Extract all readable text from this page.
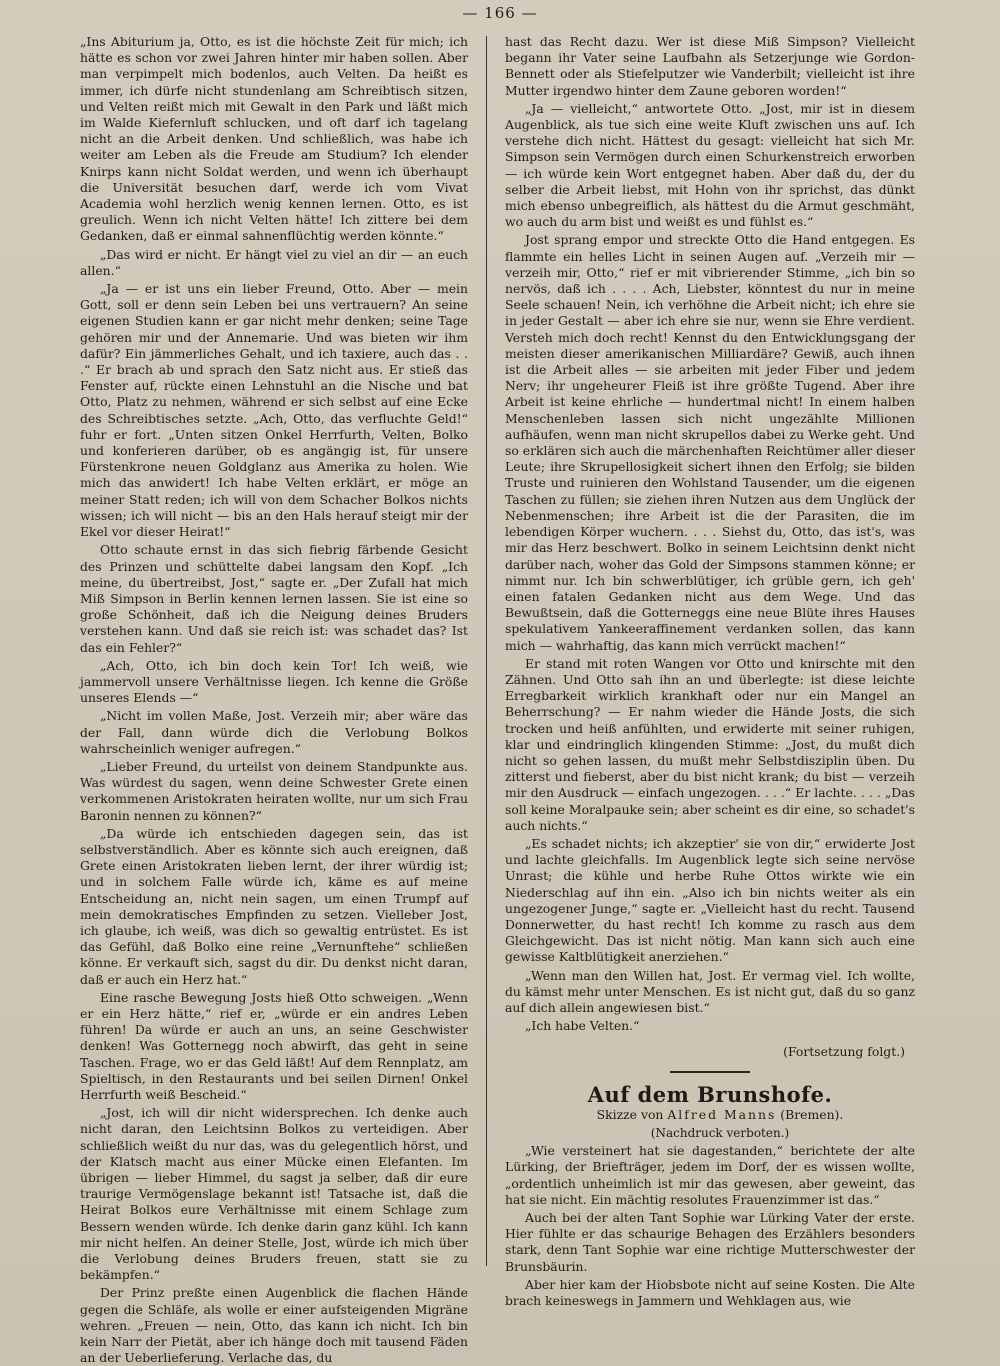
— 166 —

„Ins Abiturium ja, Otto, es ist die höchste Zeit für mich; ich hätte es schon vor zwei Jahren hinter mir haben sollen. Aber man verpimpelt mich bodenlos, auch Velten. Da heißt es immer, ich dürfe nicht stundenlang am Schreibtisch sitzen, und Velten reißt mich mit Gewalt in den Park und läßt mich im Walde Kiefernluft schlucken, und oft darf ich tagelang nicht an die Arbeit denken. Und schließlich, was habe ich weiter am Leben als die Freude am Studium? Ich elender Knirps kann nicht Soldat werden, und wenn ich überhaupt die Universität besuchen darf, werde ich vom Vivat Academia wohl herzlich wenig kennen lernen. Otto, es ist greulich. Wenn ich nicht Velten hätte! Ich zittere bei dem Gedanken, daß er einmal sahnenflüchtig werden könnte.“

„Das wird er nicht. Er hängt viel zu viel an dir — an euch allen.“

„Ja — er ist uns ein lieber Freund, Otto. Aber — mein Gott, soll er denn sein Leben bei uns vertrauern? An seine eigenen Studien kann er gar nicht mehr denken; seine Tage gehören mir und der Annemarie. Und was bieten wir ihm dafür? Ein jämmerliches Gehalt, und ich taxiere, auch das . . .“ Er brach ab und sprach den Satz nicht aus. Er stieß das Fenster auf, rückte einen Lehnstuhl an die Nische und bat Otto, Platz zu nehmen, während er sich selbst auf eine Ecke des Schreibtisches setzte. „Ach, Otto, das verfluchte Geld!“ fuhr er fort. „Unten sitzen Onkel Herrfurth, Velten, Bolko und konferieren darüber, ob es angängig ist, für unsere Fürstenkrone neuen Goldglanz aus Amerika zu holen. Wie mich das anwidert! Ich habe Velten erklärt, er möge an meiner Statt reden; ich will von dem Schacher Bolkos nichts wissen; ich will nicht — bis an den Hals herauf steigt mir der Ekel vor dieser Heirat!“

Otto schaute ernst in das sich fiebrig färbende Gesicht des Prinzen und schüttelte dabei langsam den Kopf. „Ich meine, du übertreibst, Jost,“ sagte er. „Der Zufall hat mich Miß Simpson in Berlin kennen lernen lassen. Sie ist eine so große Schönheit, daß ich die Neigung deines Bruders verstehen kann. Und daß sie reich ist: was schadet das? Ist das ein Fehler?“

„Ach, Otto, ich bin doch kein Tor! Ich weiß, wie jammervoll unsere Verhältnisse liegen. Ich kenne die Größe unseres Elends —“

„Nicht im vollen Maße, Jost. Verzeih mir; aber wäre das der Fall, dann würde dich die Verlobung Bolkos wahrscheinlich weniger aufregen.“

„Lieber Freund, du urteilst von deinem Standpunkte aus. Was würdest du sagen, wenn deine Schwester Grete einen verkommenen Aristokraten heiraten wollte, nur um sich Frau Baronin nennen zu können?“

„Da würde ich entschieden dagegen sein, das ist selbstverständlich. Aber es könnte sich auch ereignen, daß Grete einen Aristokraten lieben lernt, der ihrer würdig ist; und in solchem Falle würde ich, käme es auf meine Entscheidung an, nicht nein sagen, um einen Trumpf auf mein demokratisches Empfinden zu setzen. Vielleber Jost, ich glaube, ich weiß, was dich so gewaltig entrüstet. Es ist das Gefühl, daß Bolko eine reine „Vernunftehe“ schließen könne. Er verkauft sich, sagst du dir. Du denkst nicht daran, daß er auch ein Herz hat.“

Eine rasche Bewegung Josts hieß Otto schweigen. „Wenn er ein Herz hätte,“ rief er, „würde er ein andres Leben führen! Da würde er auch an uns, an seine Geschwister denken! Was Gotternegg noch abwirft, das geht in seine Taschen. Frage, wo er das Geld läßt! Auf dem Rennplatz, am Spieltisch, in den Restaurants und bei seilen Dirnen! Onkel Herrfurth weiß Bescheid.“

„Jost, ich will dir nicht widersprechen. Ich denke auch nicht daran, den Leichtsinn Bolkos zu verteidigen. Aber schließlich weißt du nur das, was du gelegentlich hörst, und der Klatsch macht aus einer Mücke einen Elefanten. Im übrigen — lieber Himmel, du sagst ja selber, daß dir eure traurige Vermögenslage bekannt ist! Tatsache ist, daß die Heirat Bolkos eure Verhältnisse mit einem Schlage zum Bessern wenden würde. Ich denke darin ganz kühl. Ich kann mir nicht helfen. An deiner Stelle, Jost, würde ich mich über die Verlobung deines Bruders freuen, statt sie zu bekämpfen.“

Der Prinz preßte einen Augenblick die flachen Hände gegen die Schläfe, als wolle er einer aufsteigenden Migräne wehren. „Freuen — nein, Otto, das kann ich nicht. Ich bin kein Narr der Pietät, aber ich hänge doch mit tausend Fäden an der Ueberlieferung. Verlache das, du

hast das Recht dazu. Wer ist diese Miß Simpson? Vielleicht begann ihr Vater seine Laufbahn als Setzerjunge wie Gordon-Bennett oder als Stiefelputzer wie Vanderbilt; vielleicht ist ihre Mutter irgendwo hinter dem Zaune geboren worden!“

„Ja — vielleicht,“ antwortete Otto. „Jost, mir ist in diesem Augenblick, als tue sich eine weite Kluft zwischen uns auf. Ich verstehe dich nicht. Hättest du gesagt: vielleicht hat sich Mr. Simpson sein Vermögen durch einen Schurkenstreich erworben — ich würde kein Wort entgegnet haben. Aber daß du, der du selber die Arbeit liebst, mit Hohn von ihr sprichst, das dünkt mich ebenso unbegreiflich, als hättest du die Armut geschmäht, wo auch du arm bist und weißt es und fühlst es.“

Jost sprang empor und streckte Otto die Hand entgegen. Es flammte ein helles Licht in seinen Augen auf. „Verzeih mir — verzeih mir, Otto,“ rief er mit vibrierender Stimme, „ich bin so nervös, daß ich . . . . Ach, Liebster, könntest du nur in meine Seele schauen! Nein, ich verhöhne die Arbeit nicht; ich ehre sie in jeder Gestalt — aber ich ehre sie nur, wenn sie Ehre verdient. Versteh mich doch recht! Kennst du den Entwicklungsgang der meisten dieser amerikanischen Milliardäre? Gewiß, auch ihnen ist die Arbeit alles — sie arbeiten mit jeder Fiber und jedem Nerv; ihr ungeheurer Fleiß ist ihre größte Tugend. Aber ihre Arbeit ist keine ehrliche — hundertmal nicht! In einem halben Menschenleben lassen sich nicht ungezählte Millionen aufhäufen, wenn man nicht skrupellos dabei zu Werke geht. Und so erklären sich auch die märchenhaften Reichtümer aller dieser Leute; ihre Skrupellosigkeit sichert ihnen den Erfolg; sie bilden Truste und ruinieren den Wohlstand Tausender, um die eigenen Taschen zu füllen; sie ziehen ihren Nutzen aus dem Unglück der Nebenmenschen; ihre Arbeit ist die der Parasiten, die im lebendigen Körper wuchern. . . . Siehst du, Otto, das ist's, was mir das Herz beschwert. Bolko in seinem Leichtsinn denkt nicht darüber nach, woher das Gold der Simpsons stammen könne; er nimmt nur. Ich bin schwerblütiger, ich grüble gern, ich geh' einen fatalen Gedanken nicht aus dem Wege. Und das Bewußtsein, daß die Gotterneggs eine neue Blüte ihres Hauses spekulativem Yankeeraffinement verdanken sollen, das kann mich — wahrhaftig, das kann mich verrückt machen!“

Er stand mit roten Wangen vor Otto und knirschte mit den Zähnen. Und Otto sah ihn an und überlegte: ist diese leichte Erregbarkeit wirklich krankhaft oder nur ein Mangel an Beherrschung? — Er nahm wieder die Hände Josts, die sich trocken und heiß anfühlten, und erwiderte mit seiner ruhigen, klar und eindringlich klingenden Stimme: „Jost, du mußt dich nicht so gehen lassen, du mußt mehr Selbstdisziplin üben. Du zitterst und fieberst, aber du bist nicht krank; du bist — verzeih mir den Ausdruck — einfach ungezogen. . . .“ Er lachte. . . . „Das soll keine Moralpauke sein; aber scheint es dir eine, so schadet's auch nichts.“

„Es schadet nichts; ich akzeptier' sie von dir,“ erwiderte Jost und lachte gleichfalls. Im Augenblick legte sich seine nervöse Unrast; die kühle und herbe Ruhe Ottos wirkte wie ein Niederschlag auf ihn ein. „Also ich bin nichts weiter als ein ungezogener Junge,“ sagte er. „Vielleicht hast du recht. Tausend Donnerwetter, du hast recht! Ich komme zu rasch aus dem Gleichgewicht. Das ist nicht nötig. Man kann sich auch eine gewisse Kaltblütigkeit anerziehen.“

„Wenn man den Willen hat, Jost. Er vermag viel. Ich wollte, du kämst mehr unter Menschen. Es ist nicht gut, daß du so ganz auf dich allein angewiesen bist.“

„Ich habe Velten.“

(Fortsetzung folgt.)
Auf dem Brunshofe.

Skizze von Alfred Manns (Bremen).

(Nachdruck verboten.)

„Wie versteinert hat sie dagestanden,“ berichtete der alte Lürking, der Briefträger, jedem im Dorf, der es wissen wollte, „ordentlich unheimlich ist mir das gewesen, aber geweint, das hat sie nicht. Ein mächtig resolutes Frauenzimmer ist das.“

Auch bei der alten Tant Sophie war Lürking Vater der erste. Hier fühlte er das schaurige Behagen des Erzählers besonders stark, denn Tant Sophie war eine richtige Mutterschwester der Brunsbäurin.

Aber hier kam der Hiobsbote nicht auf seine Kosten. Die Alte brach keineswegs in Jammern und Wehklagen aus, wie
